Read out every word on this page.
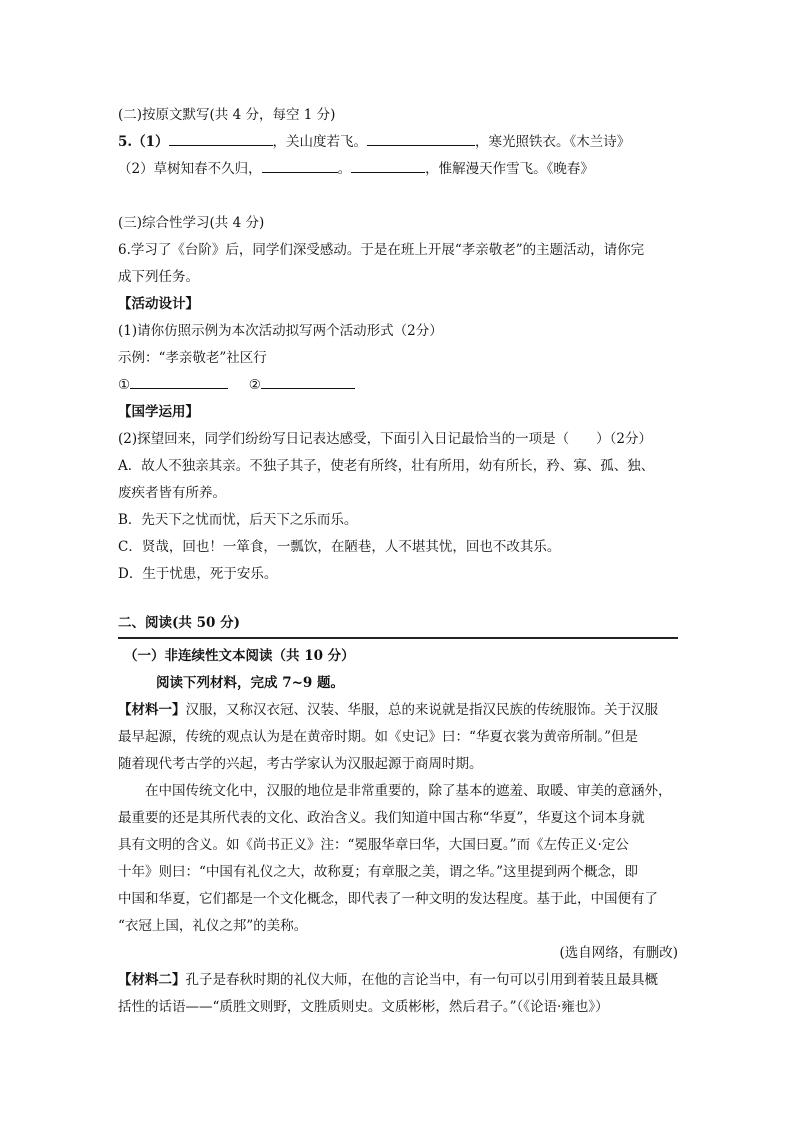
(二)按原文默写(共 4 分，每空 1 分)
5.（1）	，关山度若飞。	，寒光照铁衣。《木兰诗》
（2）草树知春不久归，	。	，惟解漫天作雪飞。《晚春》
(三)综合性学习(共 4 分)
6.学习了《台阶》后，同学们深受感动。于是在班上开展“孝亲敬老”的主题活动，请你完
成下列任务。
【活动设计】
(1)请你仿照示例为本次活动拟写两个活动形式（2分）
示例：“孝亲敬老”社区行
①	②
【国学运用】
(2)探望回来，同学们纷纷写日记表达感受，下面引入日记最恰当的一项是（　　）（2分）
A．故人不独亲其亲。不独子其子，使老有所终，壮有所用，幼有所长，矜、寡、孤、独、
废疾者皆有所养。
B．先天下之忧而忧，后天下之乐而乐。
C．贤哉，回也！一箪食，一瓢饮，在陋巷，人不堪其忧，回也不改其乐。
D．生于忧患，死于安乐。
二、阅读(共 50 分)
（一）非连续性文本阅读（共 10 分）
阅读下列材料，完成 7~9 题。
【材料一】汉服，又称汉衣冠、汉装、华服，总的来说就是指汉民族的传统服饰。关于汉服
最早起源，传统的观点认为是在黄帝时期。如《史记》曰：“华夏衣裳为黄帝所制。”但是
随着现代考古学的兴起，考古学家认为汉服起源于商周时期。
在中国传统文化中，汉服的地位是非常重要的，除了基本的遮羞、取暖、审美的意涵外，
最重要的还是其所代表的文化、政治含义。我们知道中国古称“华夏”，华夏这个词本身就
具有文明的含义。如《尚书正义》注：“冕服华章曰华，大国曰夏。”而《左传正义·定公
十年》则曰：“中国有礼仪之大，故称夏；有章服之美，谓之华。”这里提到两个概念，即
中国和华夏，它们都是一个文化概念，即代表了一种文明的发达程度。基于此，中国便有了
“衣冠上国，礼仪之邦”的美称。
(选自网络，有删改)
【材料二】孔子是春秋时期的礼仪大师，在他的言论当中，有一句可以引用到着装且最具概
括性的话语——“质胜文则野，文胜质则史。文质彬彬，然后君子。”（《论语·雍也》）
